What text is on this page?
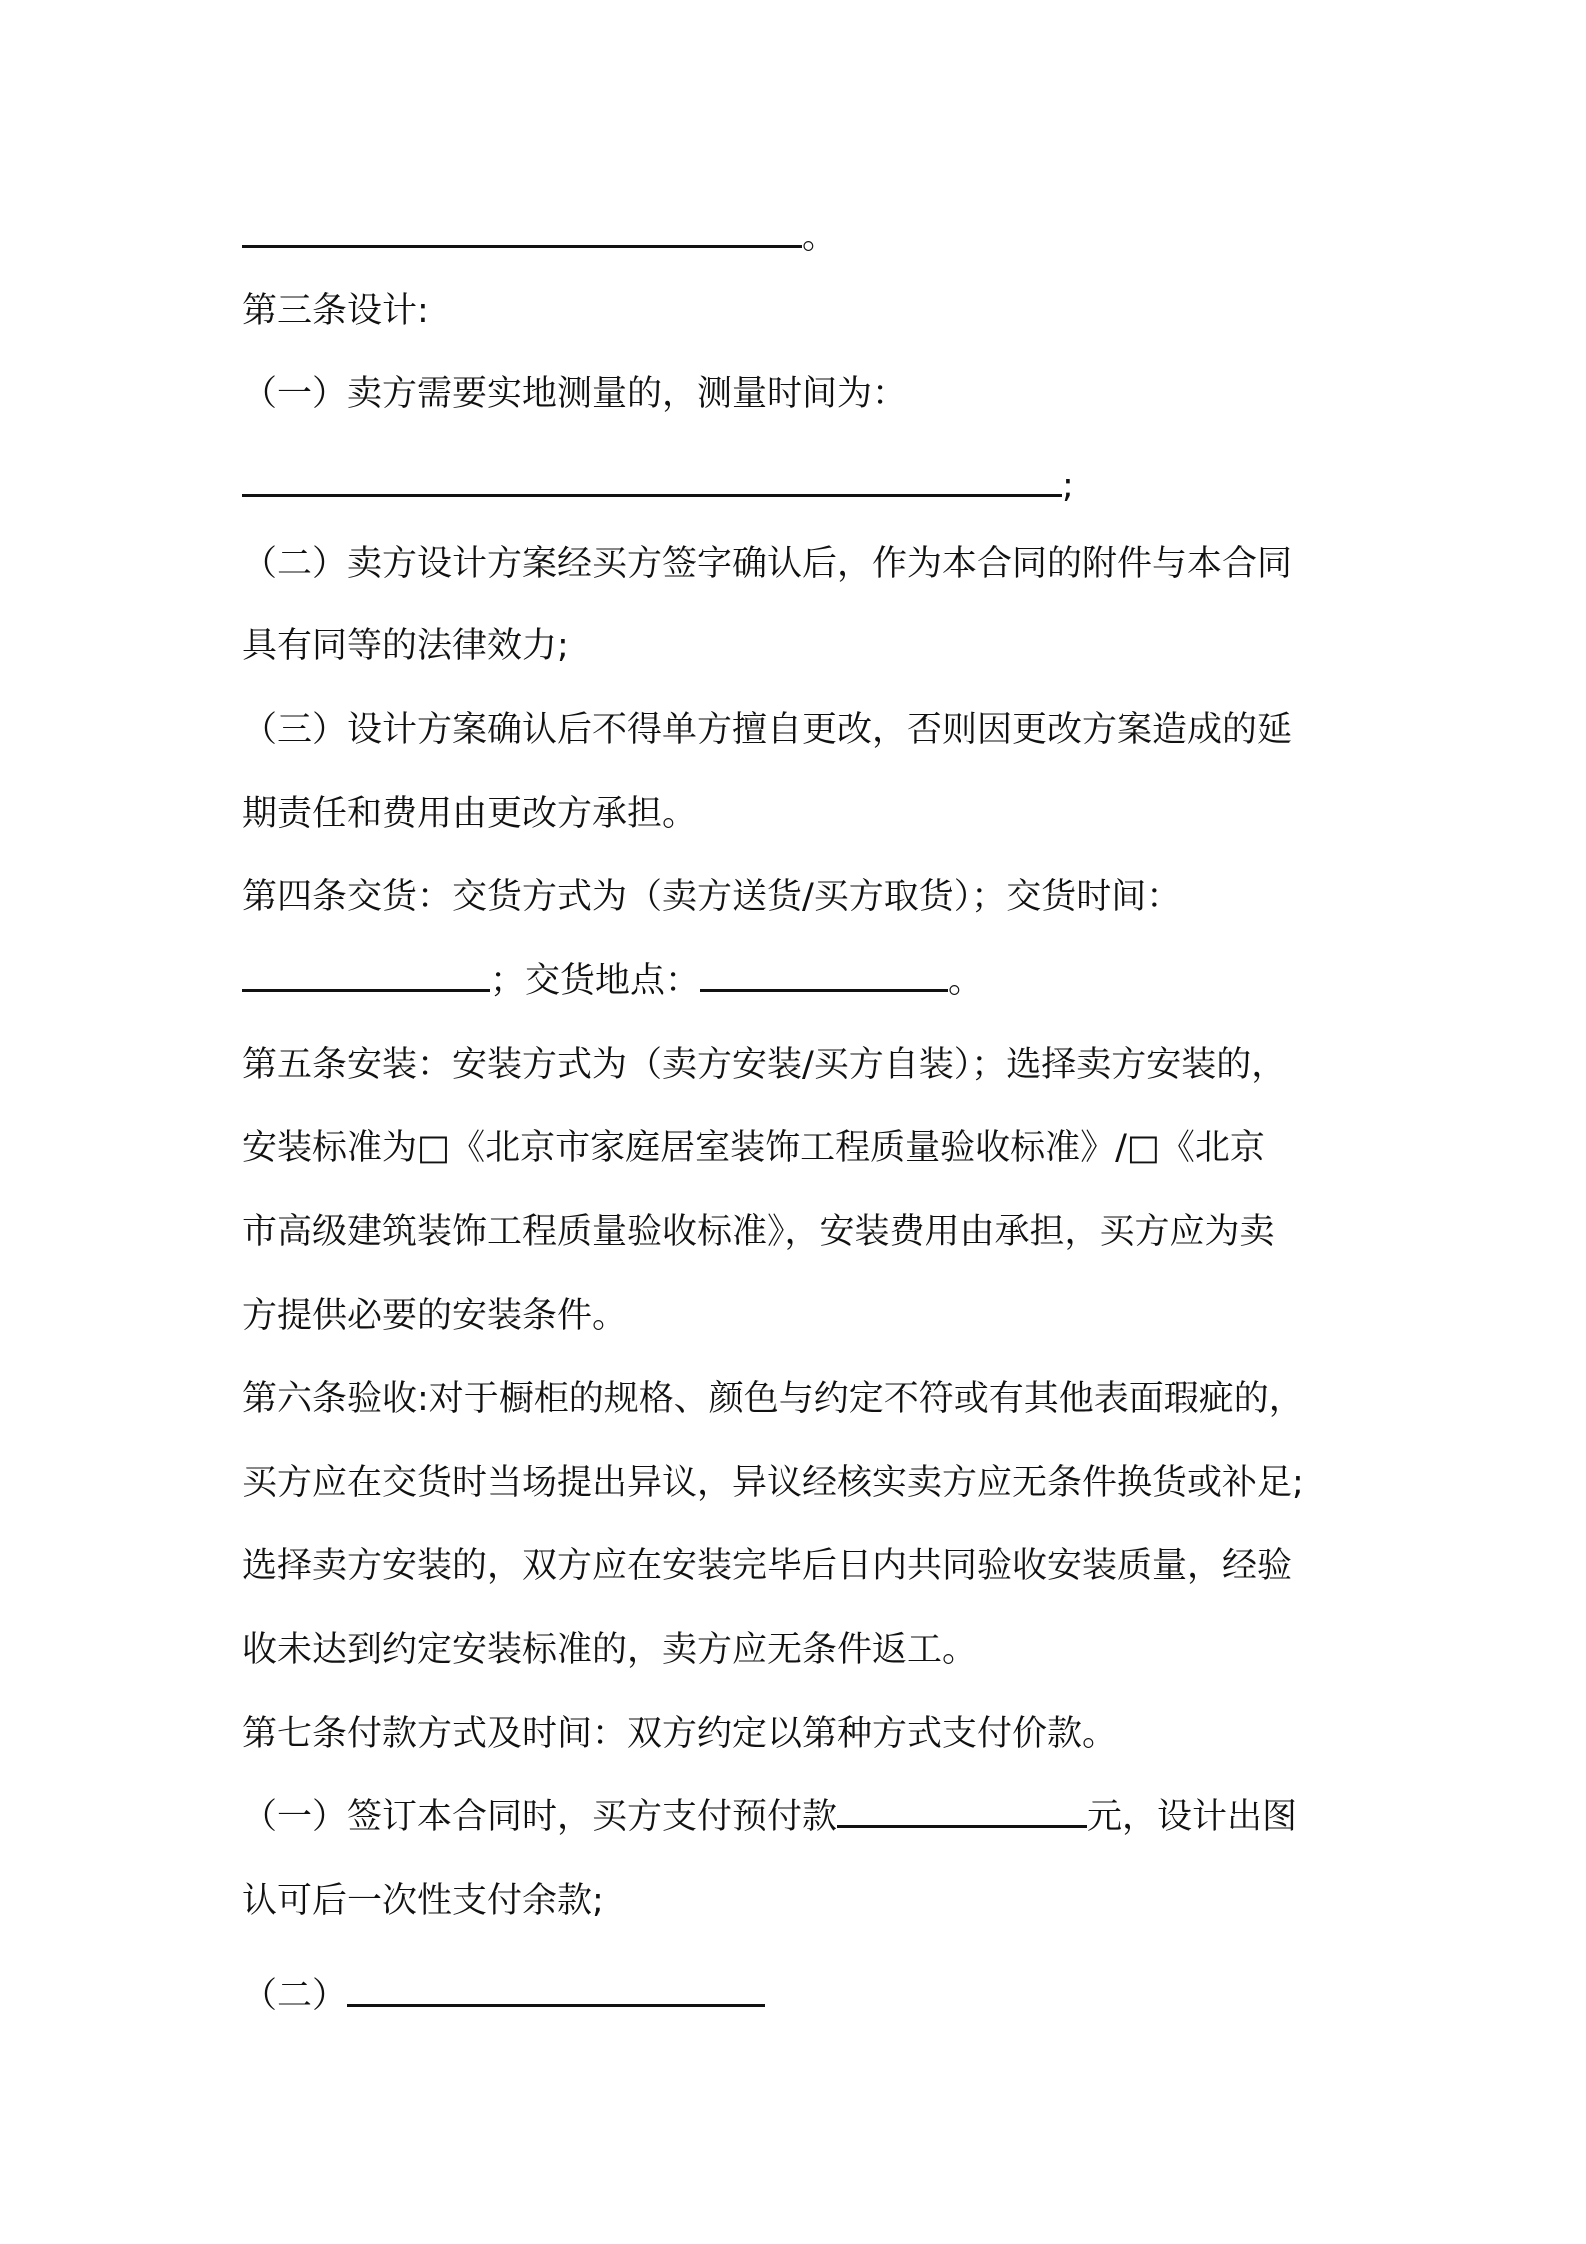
。
第三条设计:
（一）卖方需要实地测量的，测量时间为：
;
（二）卖方设计方案经买方签字确认后，作为本合同的附件与本合同
具有同等的法律效力;
（三）设计方案确认后不得单方擅自更改，否则因更改方案造成的延
期责任和费用由更改方承担。
第四条交货：交货方式为（卖方送货/买方取货）；交货时间：
；交货地点：	。
第五条安装：安装方式为（卖方安装/买方自装）；选择卖方安装的，
安装标准为□《北京市家庭居室装饰工程质量验收标准》/□《北京
市高级建筑装饰工程质量验收标准》，安装费用由承担，买方应为卖
方提供必要的安装条件。
第六条验收:对于橱柜的规格、颜色与约定不符或有其他表面瑕疵的，
买方应在交货时当场提出异议，异议经核实卖方应无条件换货或补足;
选择卖方安装的，双方应在安装完毕后日内共同验收安装质量，经验
收未达到约定安装标准的，卖方应无条件返工。
第七条付款方式及时间：双方约定以第种方式支付价款。
（一）签订本合同时，买方支付预付款	元，设计出图
认可后一次性支付余款;
（二）
